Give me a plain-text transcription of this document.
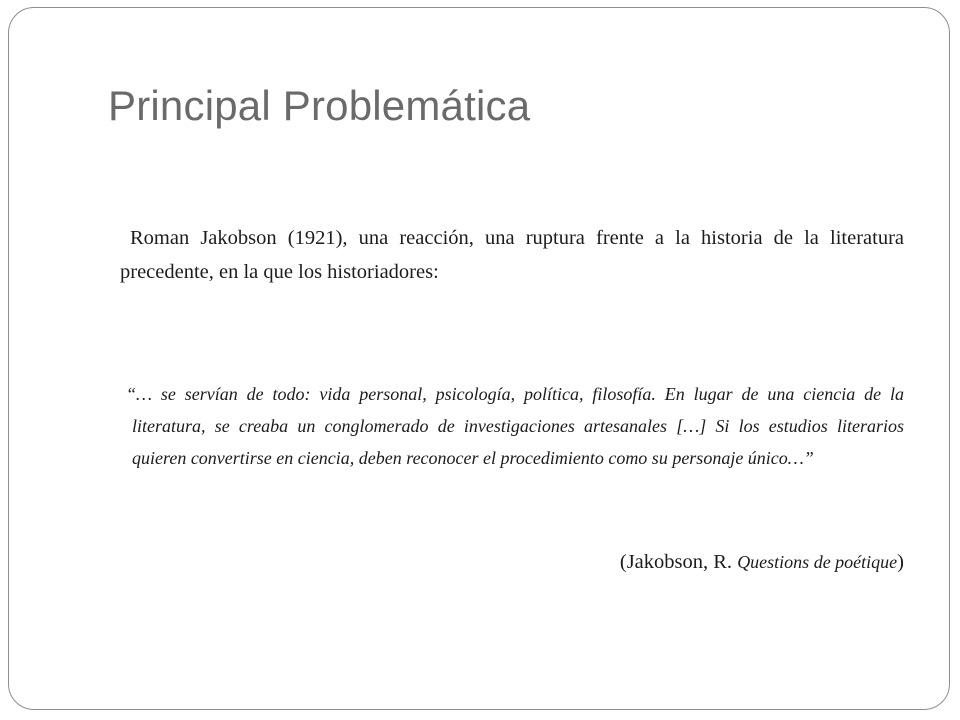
Principal Problemática

Roman Jakobson (1921), una reacción, una ruptura frente a la historia de la literatura precedente, en la que los historiadores:

“… se servían de todo: vida personal, psicología, política, filosofía. En lugar de una ciencia de la literatura, se creaba un conglomerado de investigaciones artesanales […] Si los estudios literarios quieren convertirse en ciencia, deben reconocer el procedimiento como su personaje único…”

(Jakobson, R. Questions de poétique)
